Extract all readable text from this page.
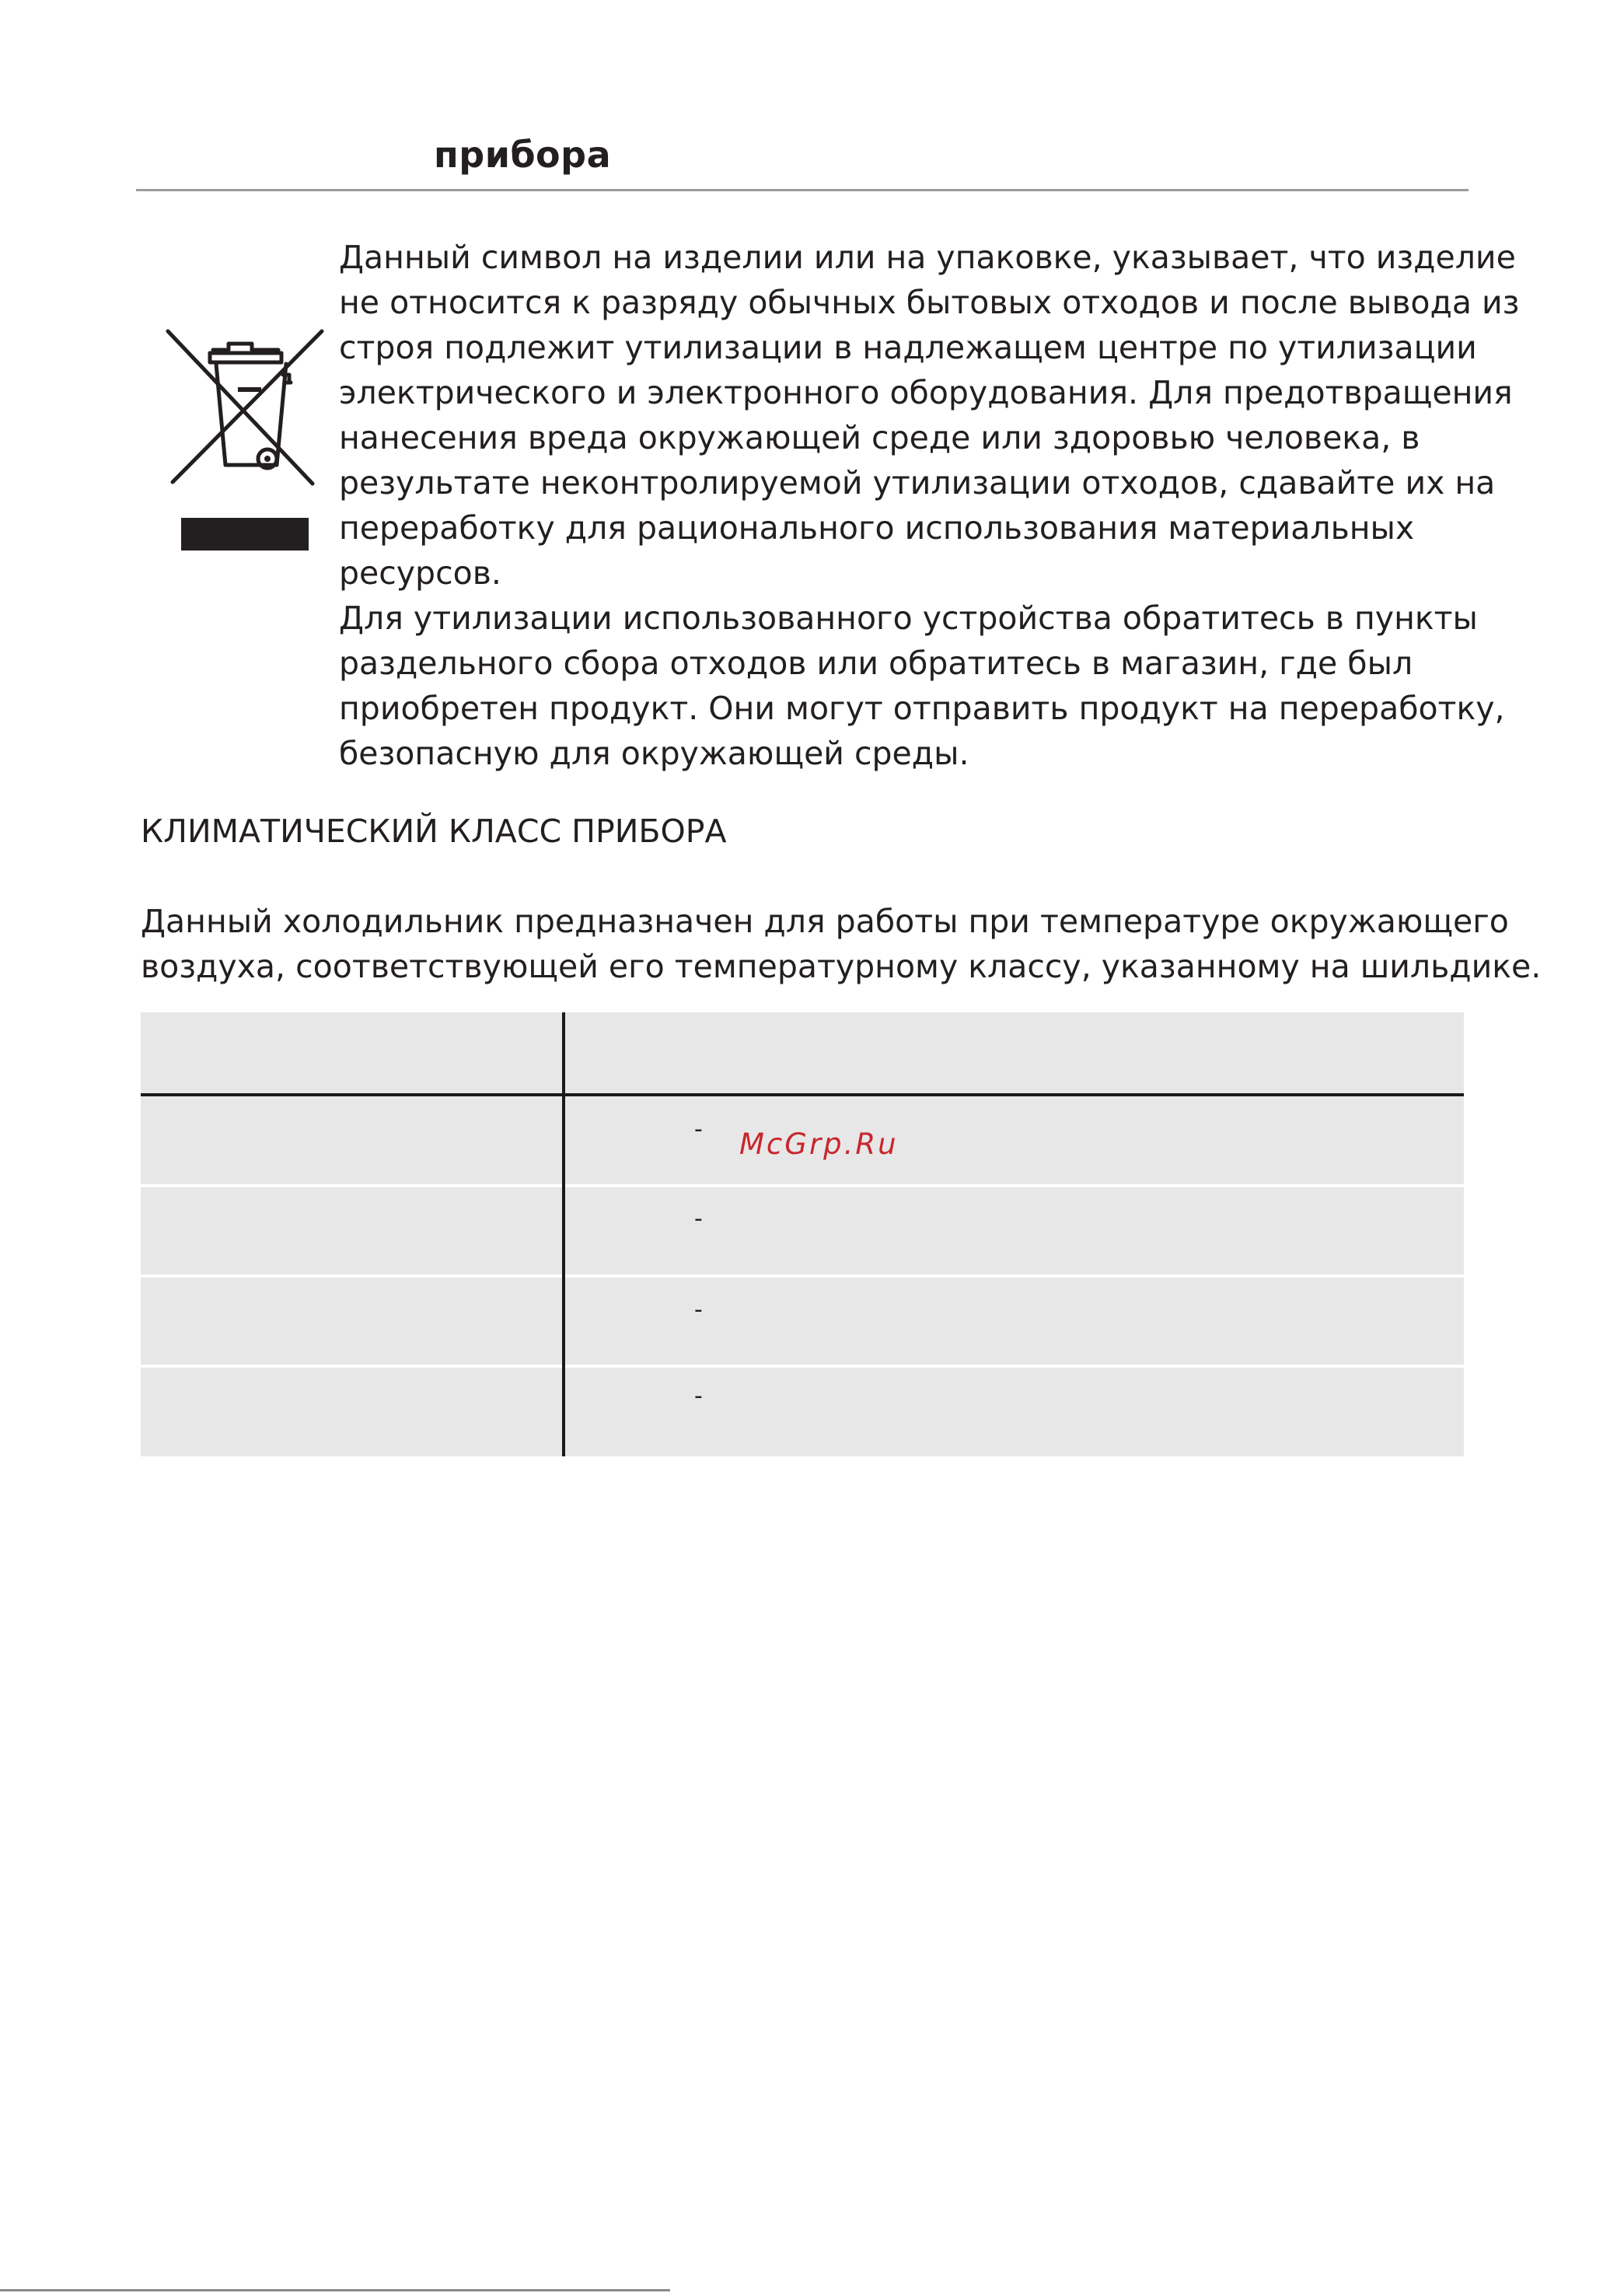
прибора

Данный символ на изделии или на упаковке, указывает, что изделие

не относится к разряду обычных бытовых отходов и после вывода из

строя подлежит утилизации в надлежащем центре по утилизации

электрического и электронного оборудования. Для предотвращения

нанесения вреда окружающей среде или здоровью человека, в

результате неконтролируемой утилизации отходов, сдавайте их на

переработку для рационального использования материальных

ресурсов.

Для утилизации использованного устройства обратитесь в пункты

раздельного сбора отходов или обратитесь в магазин, где был

приобретен продукт. Они могут отправить продукт на переработку,

безопасную для окружающей среды.

КЛИМАТИЧЕСКИЙ КЛАСС ПРИБОРА

Данный холодильник предназначен для работы при температуре окружающего

воздуха, соответствующей его температурному классу, указанному на шильдике.

-
-
-
-
McGrp.Ru
